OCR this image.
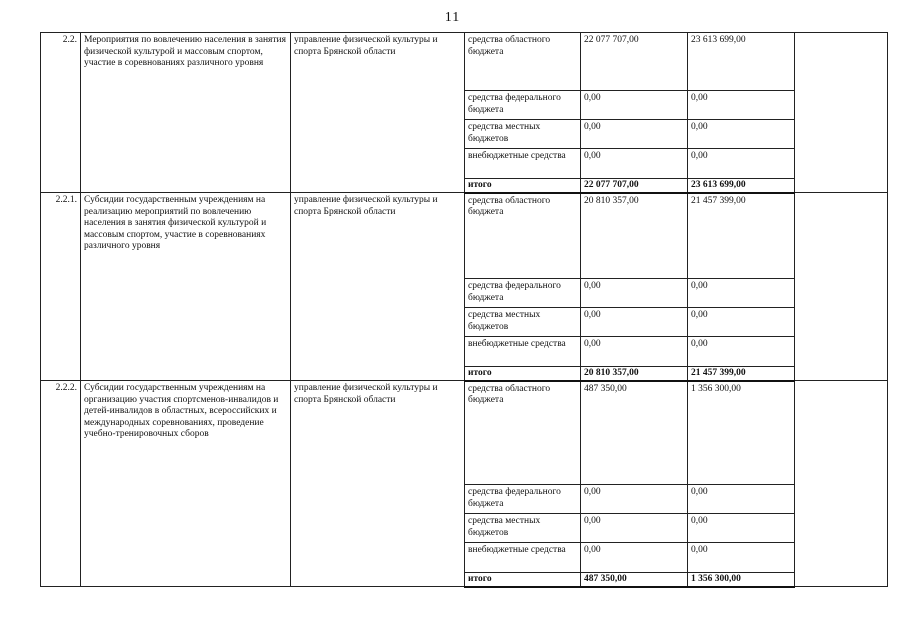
11
2.2.	Мероприятия по вовлечению населения в занятия физической культурой и массовым спортом, участие в соревнованиях различного уровня	управление физической культуры и спорта Брянской области	средства областного бюджета	22 077 707,00	23 613 699,00	
			средства федерального бюджета	0,00	0,00	
			средства местных бюджетов	0,00	0,00	
			внебюджетные средства	0,00	0,00	
			итого	22 077 707,00	23 613 699,00	
2.2.1.	Субсидии государственным учреждениям на реализацию мероприятий по вовлечению населения в занятия физической культурой и массовым спортом, участие в соревнованиях различного уровня	управление физической культуры и спорта Брянской области	средства областного бюджета	20 810 357,00	21 457 399,00	
			средства федерального бюджета	0,00	0,00	
			средства местных бюджетов	0,00	0,00	
			внебюджетные средства	0,00	0,00	
			итого	20 810 357,00	21 457 399,00	
2.2.2.	Субсидии государственным учреждениям на организацию участия спортсменов-инвалидов и детей-инвалидов в областных, всероссийских и международных соревнованиях, проведение учебно-тренировочных сборов	управление физической культуры и спорта Брянской области	средства областного бюджета	487 350,00	1 356 300,00	
			средства федерального бюджета	0,00	0,00	
			средства местных бюджетов	0,00	0,00	
			внебюджетные средства	0,00	0,00	
			итого	487 350,00	1 356 300,00	
